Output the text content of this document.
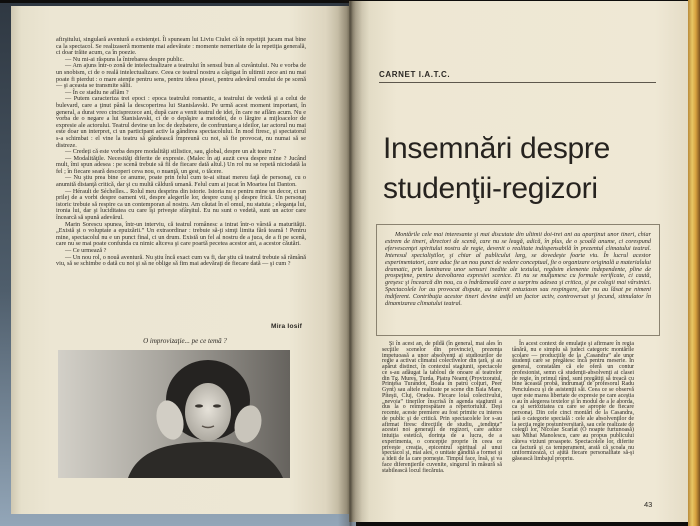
afirşitului, singulară aventură a existenţei. Îi spuneam lui Liviu Ciulei că în repetiţii jucam mai bine ca la spectacol. Se realizaseră momente mai adevărate : momente nemeritate de la repetiţia generală, ci doar trăite acum, ca în poezie.

— Nu mi-ai răspuns la întrebarea despre public.

— Am ajuns într-o zonă de intelectualizare a teatrului în sensul bun al cuvântului. Nu e vorba de un snobism, ci de o reală intelectualizare. Ceea ce teatrul nostru a câştigat în ultimii zece ani nu mai poate fi pierdut : o mare atenţie pentru sens, pentru ideea piesei, pentru adevărul omului de pe scenă — şi aceasta se transmite sălii.

— În ce stadiu ne aflăm ?

— Putem caracteriza trei epoci : epoca teatrului romantic, a teatrului de vedetă şi a celui de bulevard, care a ţinut până la descoperirea lui Stanislavski. Pe urmă acest moment important, în general, a durat vreo cincisprezece ani, după care a venit teatrul de idei, în care ne aflăm acum. Nu e vorba de o negare a lui Stanislavski, ci de o depăşire a metodei, de o lărgire a mijloacelor de expresie ale actorului. Teatrul devine un loc de dezbatere, de confruntare a ideilor, iar actorul nu mai este doar un interpret, ci un participant activ la gândirea spectacolului. În mod firesc, şi spectatorul s-a schimbat : el vine la teatru să gândească împreună cu noi, să fie provocat, nu numai să se distreze.

— Credeţi că este vorba despre modalităţi stilistice, sau, global, despre un alt teatru ?

— Modalităţile. Necesităţi diferite de expresie. (Malec în aţi auzit ceva despre mine ? Jucând mult, îmi spun adesea : pe scenă trebuie să fii de fiecare dată altul.) Un rol nu se repetă niciodată la fel ; în fiecare seară descoperi ceva nou, o nuanţă, un gest, o tăcere.

— Nu ştiu prea bine ce anume, poate prin felul cum te-ai situat mereu faţă de personaj, cu o anumită distanţă critică, dar şi cu multă căldură umană. Felul cum ai jucat în Moartea lui Danton.

— Hérault de Séchelles... Rolul meu desprins din istorie. Istoria nu e pentru mine un decor, ci un prilej de a vorbi despre oameni vii, despre alegerile lor, despre curaj şi despre frică. Un personaj istoric trebuie să respire ca un contemporan al nostru. Am căutat în el omul, nu statuia ; eleganţa lui, ironia lui, dar şi luciditatea cu care îşi priveşte sfârşitul. Eu nu sunt o vedetă, sunt un actor care încearcă să spună adevărul.

Marin Sorescu spunea, într-un interviu, că teatrul românesc a intrat într-o vârstă a maturităţii. „Există şi o voluptate a epuizării.” Un extraordinar : trebuie să-ţi simţi limita fără teamă ! Pentru mine, spectacolul nu e un punct final, ci un drum. Există un fel al nostru de a juca, de a fi pe scenă, care nu se mai poate confunda cu nimic altceva şi care poartă pecetea acestor ani, a acestor căutări.

— Ce urmează ?

— Un nou rol, o nouă aventură. Nu ştiu încă exact cum va fi, dar ştiu că teatrul trebuie să rămână viu, să se schimbe o dată cu noi şi să ne oblige să fim mai adevăraţi de fiecare dată — şi cum ?

Mira Iosif
O improvizaţie... pe ce temă ?
CARNET I.A.T.C.
Insemnări despre
studenţii-regizori
Montările cele mai interesante şi mai discutate din ultimii doi-trei ani au aparţinut unor tineri, chiar extrem de tineri, directori de scenă, care nu se leagă, adică, în plus, de o şcoală anume, ci corespund efervescenţei spiritului nostru de regie, devenit o realitate indispensabilă în prezentul climatului teatral. Interesul specialiştilor, şi chiar al publicului larg, se dovedeşte foarte viu. În lucrul acestor experimentatori, care aduc fie un nou punct de vedere conceptual, fie o organizare originală a materialului dramatic, prin luminarea unor sensuri inedite ale textului, regăsim elemente independente, pline de prospeţime, pentru dezvoltarea expresiei scenice. Ei nu se mulţumesc cu formule verificate, ci caută, greşesc şi încearcă din nou, cu o îndrăzneală care a surprins adesea şi critica, şi pe colegii mai vârstnici. Spectacolele lor au provocat dispute, au stârnit entuziasm sau respingere, dar nu au lăsat pe nimeni indiferent. Contribuţia acestor tineri devine astfel un factor activ, controversat şi fecund, stimulator în dinamizarea climatului teatral.
Şi în acest an, de pildă (în general, mai ales în secţiile scenelor din provincie), prezenţa impetuoasă a unor absolvenţi ai studiourilor de regie a activat climatul colectivelor din ţară, şi au apărut distinct, în contextul stagiunii, spectacole ce s-au adăugat la tabloul de onoare al teatrelor din Tg. Mureş, Turda, Piatra Neamţ (Provizoratul, Prinţesa Turandot, Boala în patru colţuri, Peer Gynt) sau altele realizate pe scene din Baia Mare, Piteşti, Cluj, Oradea. Fiecare loial colectivului, „nevoia” tinerilor înscrisă în agenda stagiunii a dus la o reîmprospătare a repertoriului. Deşi recente, aceste premiere au fost primite cu interes de public şi de critică. Prin spectacolele lor s-au afirmat firesc direcţiile de studiu, „tendinţa” acestei noi generaţii de regizori, care aduce intuiţia estetică, dorinţa de a lucra, de a experimenta, o concepţie proprie în ceea ce priveşte creaţia, epicentrul spiritual al unui spectacol şi, mai ales, o unitate gândită a formei şi a ideii de la care porneşte. Timpul face, însă, şi va face diferenţierile cuvenite, singurul în măsură să stabilească locul fiecăruia.
În acest context de emulaţie şi afirmare în regia tânără, nu e simplu să judeci categoric montările şcolare — producţiile de la „Casandra” ale unor studenţi care se pregătesc încă pentru meserie. În general, constatăm că ele oferă un contur profesionist, semn că studenţii-absolvenţi ai clasei de regie, în primul rând, sunt pregătiţi să treacă cu bine această probă, îndrumaţi de profesorul Radu Penciulescu şi de asistenţii săi. Ceea ce se observă uşor este marea libertate de expresie pe care aceştia o au în alegerea textelor şi în modul de a le aborda, ca şi seriozitatea cu care se apropie de fiecare personaj. Din cele cinci montări de la Casandra, iată o categorie specială : cele ale absolvenţilor de la secţia regie postuniversitară, sau cele realizate de colegii lor, Nicolae Scarlat (O noapte furtunoasă) sau Mihai Manolescu, care au propus publicului câteva viziuni proaspete. Spectacolele lor, diferite ca factură şi ca temperament, arată că şcoala nu uniformizează, ci ajută fiecare personalitate să-şi găsească limbajul propriu.
43
